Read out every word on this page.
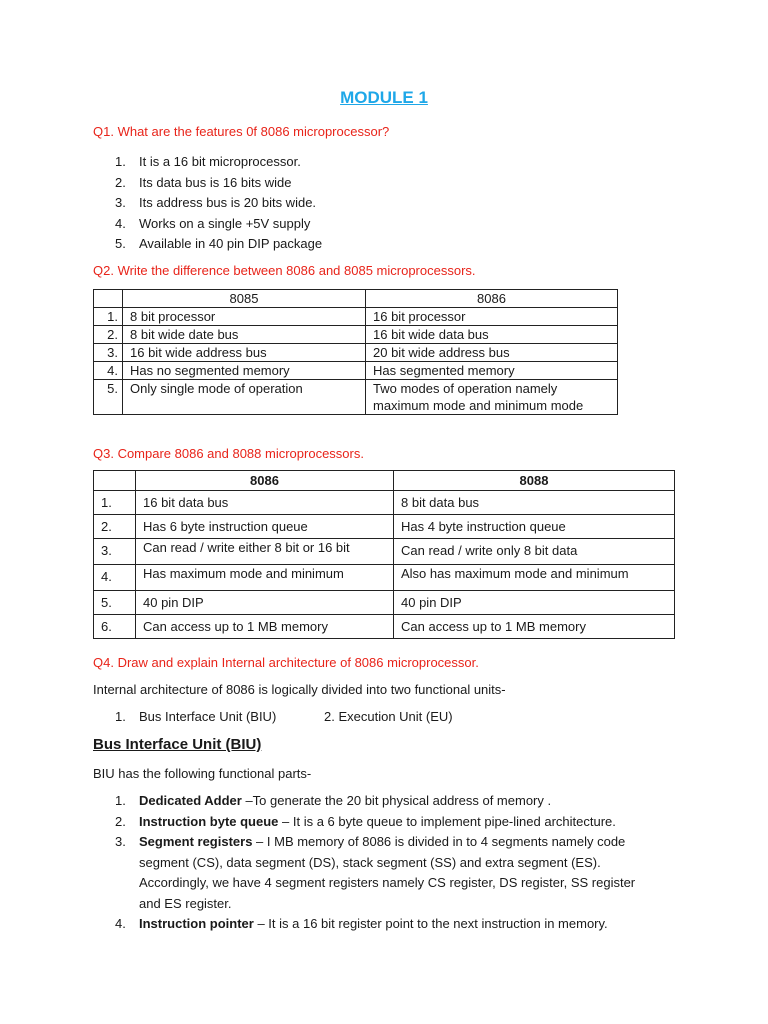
MODULE 1
Q1. What are the features 0f 8086 microprocessor?
1. It is a 16 bit microprocessor.
2. Its data bus is 16 bits wide
3. Its address bus is 20 bits wide.
4. Works on a single +5V supply
5. Available in 40 pin DIP package
Q2. Write the difference between 8086 and 8085 microprocessors.
	8085	8086
1.	8 bit processor	16 bit processor
2.	8 bit wide date bus	16 bit wide data bus
3.	16 bit wide address bus	20 bit wide address bus
4.	Has no segmented memory	Has segmented memory
5.	Only single mode of operation	Two modes of operation namely
maximum mode and minimum mode
Q3. Compare 8086 and 8088 microprocessors.
	8086	8088
1.	16 bit data bus	8 bit data bus
2.	Has 6 byte instruction queue	Has 4 byte instruction queue
3.	Can read / write either 8 bit or 16 bit	Can read / write only 8 bit data
4.	Has maximum mode and minimum	Also has maximum mode and minimum

5.	40 pin DIP	40 pin DIP
6.	Can access up to 1 MB memory	Can access up to 1 MB memory
Q4. Draw and explain Internal architecture of 8086 microprocessor.
Internal architecture of 8086 is logically divided into two functional units-
1. Bus Interface Unit (BIU)	2. Execution Unit (EU)
Bus Interface Unit (BIU)
BIU has the following functional parts-
1. Dedicated Adder –To generate the 20 bit physical address of memory .
2. Instruction byte queue – It is a 6 byte queue to implement pipe-lined architecture.
3. Segment registers – I MB memory of 8086 is divided in to 4 segments namely code
segment (CS), data segment (DS), stack segment (SS) and extra segment (ES).
Accordingly, we have 4 segment registers namely CS register, DS register, SS register
and ES register.
4. Instruction pointer – It is a 16 bit register point to the next instruction in memory.
